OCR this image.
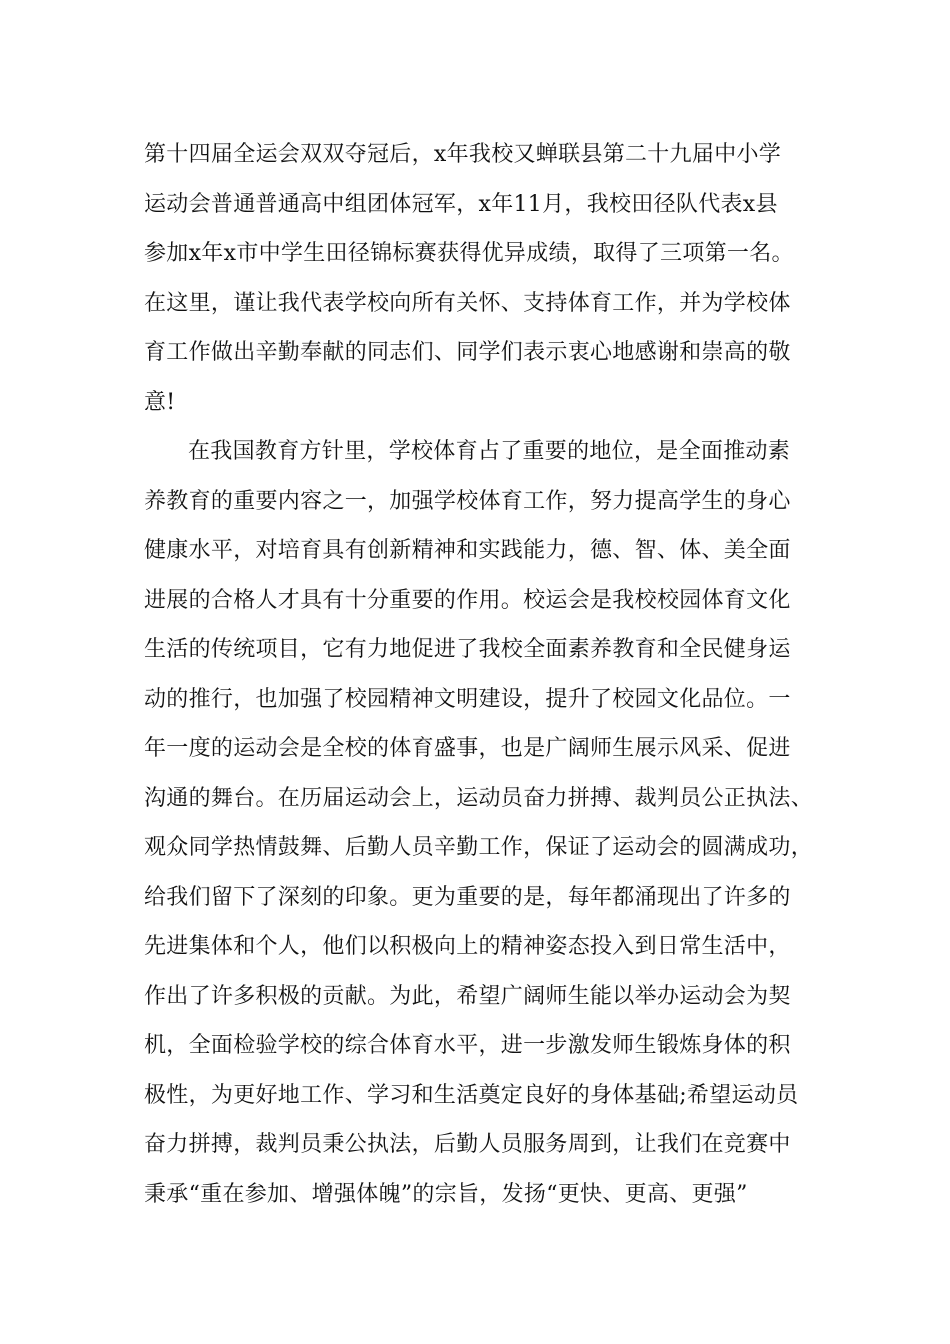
第十四届全运会双双夺冠后，x年我校又蝉联县第二十九届中小学
运动会普通普通高中组团体冠军，x年11月，我校田径队代表x县
参加x年x市中学生田径锦标赛获得优异成绩，取得了三项第一名。
在这里，谨让我代表学校向所有关怀、支持体育工作，并为学校体
育工作做出辛勤奉献的同志们、同学们表示衷心地感谢和崇高的敬
意!
在我国教育方针里，学校体育占了重要的地位，是全面推动素
养教育的重要内容之一，加强学校体育工作，努力提高学生的身心
健康水平，对培育具有创新精神和实践能力，德、智、体、美全面
进展的合格人才具有十分重要的作用。校运会是我校校园体育文化
生活的传统项目，它有力地促进了我校全面素养教育和全民健身运
动的推行，也加强了校园精神文明建设，提升了校园文化品位。一
年一度的运动会是全校的体育盛事，也是广阔师生展示风采、促进
沟通的舞台。在历届运动会上，运动员奋力拼搏、裁判员公正执法、
观众同学热情鼓舞、后勤人员辛勤工作，保证了运动会的圆满成功，
给我们留下了深刻的印象。更为重要的是，每年都涌现出了许多的
先进集体和个人，他们以积极向上的精神姿态投入到日常生活中，
作出了许多积极的贡献。为此，希望广阔师生能以举办运动会为契
机，全面检验学校的综合体育水平，进一步激发师生锻炼身体的积
极性，为更好地工作、学习和生活奠定良好的身体基础;希望运动员
奋力拼搏，裁判员秉公执法，后勤人员服务周到，让我们在竞赛中
秉承“重在参加、增强体魄”的宗旨，发扬“更快、更高、更强”
